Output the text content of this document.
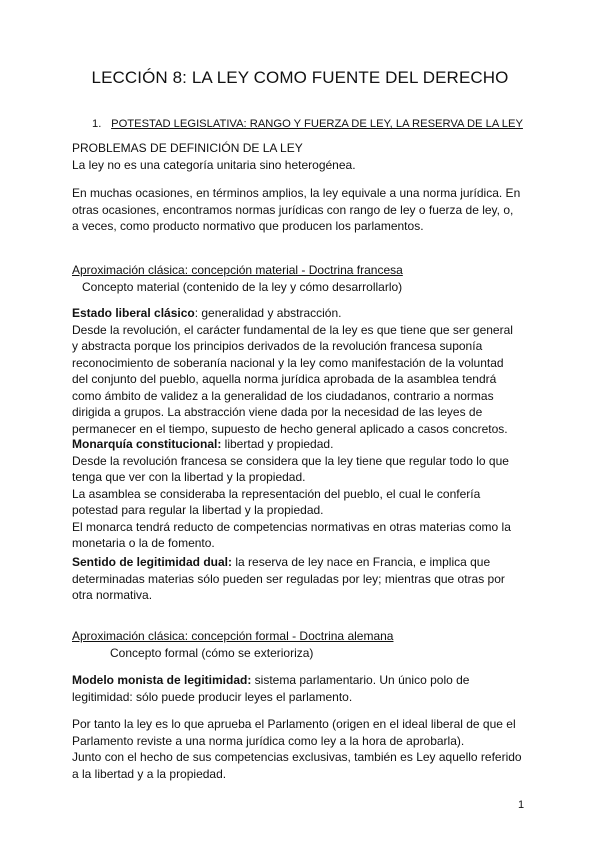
LECCIÓN 8: LA LEY COMO FUENTE DEL DERECHO
1. POTESTAD LEGISLATIVA: RANGO Y FUERZA DE LEY, LA RESERVA DE LA LEY

PROBLEMAS DE DEFINICIÓN DE LA LEY

La ley no es una categoría unitaria sino heterogénea.

En muchas ocasiones, en términos amplios, la ley equivale a una norma jurídica. En otras ocasiones, encontramos normas jurídicas con rango de ley o fuerza de ley, o, a veces, como producto normativo que producen los parlamentos.

Aproximación clásica: concepción material - Doctrina francesa

Concepto material (contenido de la ley y cómo desarrollarlo)

Estado liberal clásico: generalidad y abstracción.

Desde la revolución, el carácter fundamental de la ley es que tiene que ser general y abstracta porque los principios derivados de la revolución francesa suponía reconocimiento de soberanía nacional y la ley como manifestación de la voluntad del conjunto del pueblo, aquella norma jurídica aprobada de la asamblea tendrá como ámbito de validez a la generalidad de los ciudadanos, contrario a normas dirigida a grupos. La abstracción viene dada por la necesidad de las leyes de permanecer en el tiempo, supuesto de hecho general aplicado a casos concretos.

Monarquía constitucional: libertad y propiedad.

Desde la revolución francesa se considera que la ley tiene que regular todo lo que tenga que ver con la libertad y la propiedad.

La asamblea se consideraba la representación del pueblo, el cual le confería potestad para regular la libertad y la propiedad.

El monarca tendrá reducto de competencias normativas en otras materias como la monetaria o la de fomento.

Sentido de legitimidad dual: la reserva de ley nace en Francia, e implica que determinadas materias sólo pueden ser reguladas por ley; mientras que otras por otra normativa.

Aproximación clásica: concepción formal - Doctrina alemana

Concepto formal (cómo se exterioriza)

Modelo monista de legitimidad: sistema parlamentario. Un único polo de legitimidad: sólo puede producir leyes el parlamento.

Por tanto la ley es lo que aprueba el Parlamento (origen en el ideal liberal de que el Parlamento reviste a una norma jurídica como ley a la hora de aprobarla).

Junto con el hecho de sus competencias exclusivas, también es Ley aquello referido a la libertad y a la propiedad.

1
